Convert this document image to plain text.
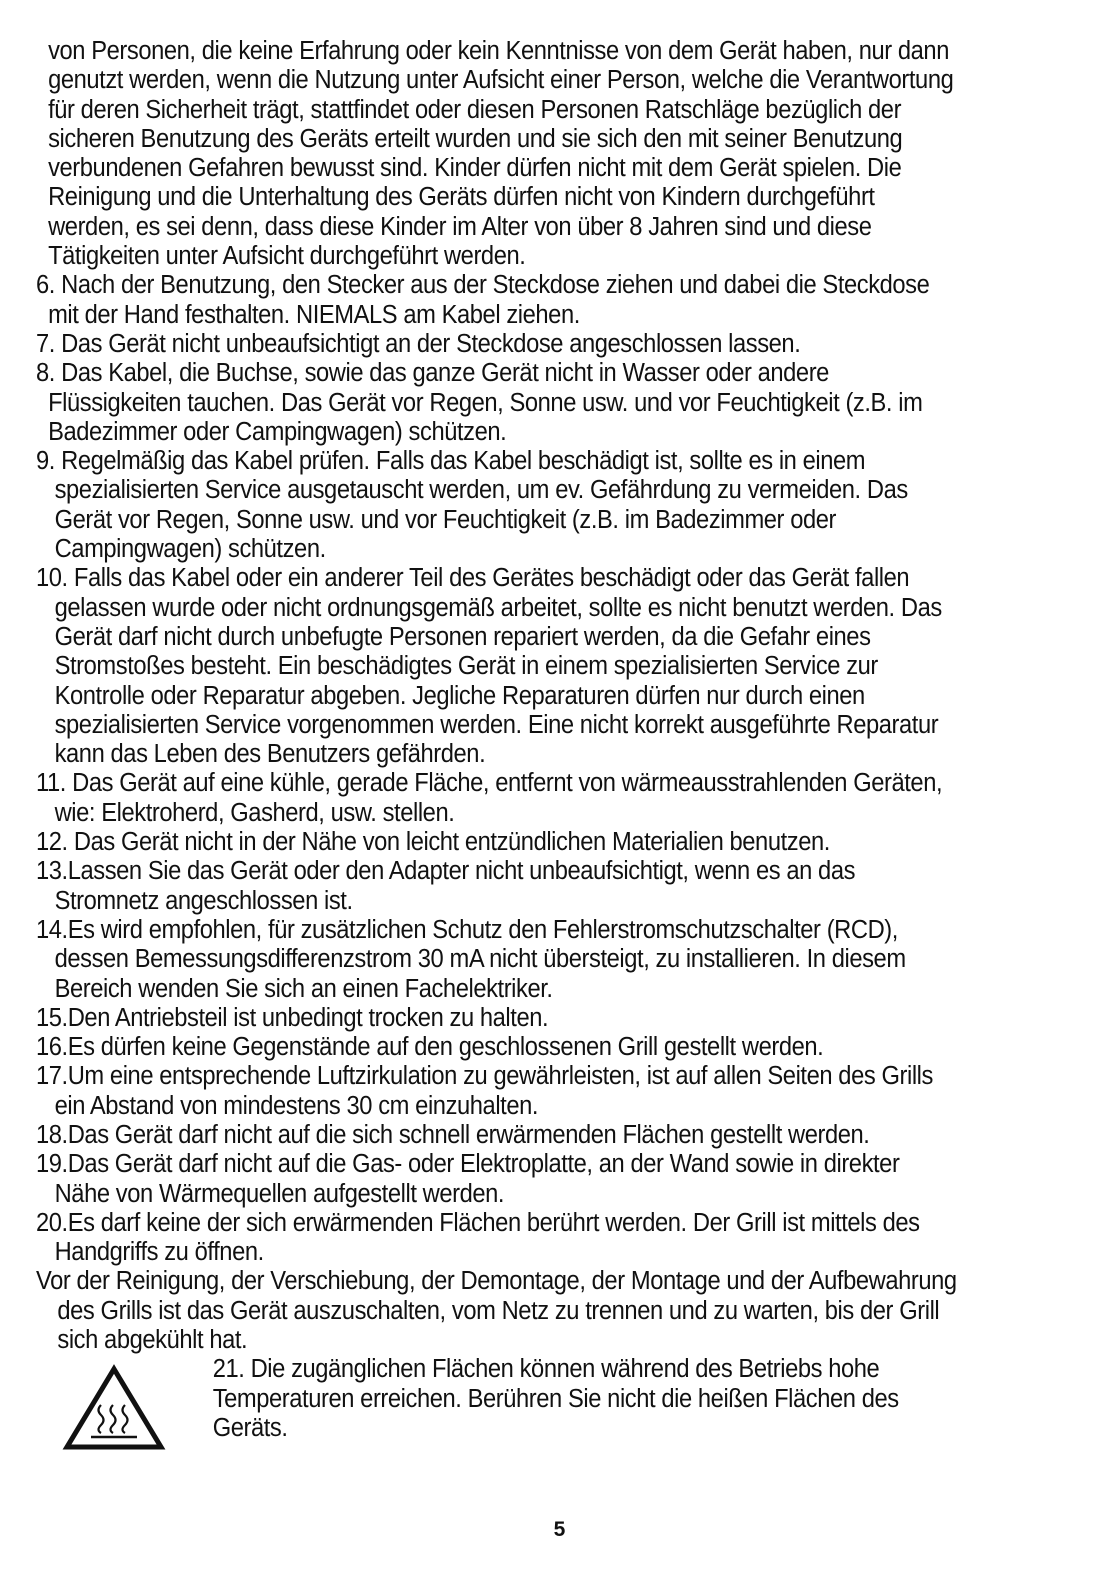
von Personen, die keine Erfahrung oder kein Kenntnisse von dem Gerät haben, nur dann
genutzt werden, wenn die Nutzung unter Aufsicht einer Person, welche die Verantwortung
für deren Sicherheit trägt, stattfindet oder diesen Personen Ratschläge bezüglich der
sicheren Benutzung des Geräts erteilt wurden und sie sich den mit seiner Benutzung
verbundenen Gefahren bewusst sind. Kinder dürfen nicht mit dem Gerät spielen. Die
Reinigung und die Unterhaltung des Geräts dürfen nicht von Kindern durchgeführt
werden, es sei denn, dass diese Kinder im Alter von über 8 Jahren sind und diese
Tätigkeiten unter Aufsicht durchgeführt werden.
6. Nach der Benutzung, den Stecker aus der Steckdose ziehen und dabei die Steckdose
mit der Hand festhalten. NIEMALS am Kabel ziehen.
7. Das Gerät nicht unbeaufsichtigt an der Steckdose angeschlossen lassen.
8. Das Kabel, die Buchse, sowie das ganze Gerät nicht in Wasser oder andere
Flüssigkeiten tauchen. Das Gerät vor Regen, Sonne usw. und vor Feuchtigkeit (z.B. im
Badezimmer oder Campingwagen) schützen.
9. Regelmäßig das Kabel prüfen. Falls das Kabel beschädigt ist, sollte es in einem
spezialisierten Service ausgetauscht werden, um ev. Gefährdung zu vermeiden. Das
Gerät vor Regen, Sonne usw. und vor Feuchtigkeit (z.B. im Badezimmer oder
Campingwagen) schützen.
10. Falls das Kabel oder ein anderer Teil des Gerätes beschädigt oder das Gerät fallen
gelassen wurde oder nicht ordnungsgemäß arbeitet, sollte es nicht benutzt werden. Das
Gerät darf nicht durch unbefugte Personen repariert werden, da die Gefahr eines
Stromstoßes besteht. Ein beschädigtes Gerät in einem spezialisierten Service zur
Kontrolle oder Reparatur abgeben. Jegliche Reparaturen dürfen nur durch einen
spezialisierten Service vorgenommen werden. Eine nicht korrekt ausgeführte Reparatur
kann das Leben des Benutzers gefährden.
11. Das Gerät auf eine kühle, gerade Fläche, entfernt von wärmeausstrahlenden Geräten,
wie: Elektroherd, Gasherd, usw. stellen.
12. Das Gerät nicht in der Nähe von leicht entzündlichen Materialien benutzen.
13.Lassen Sie das Gerät oder den Adapter nicht unbeaufsichtigt, wenn es an das
Stromnetz angeschlossen ist.
14.Es wird empfohlen, für zusätzlichen Schutz den Fehlerstromschutzschalter (RCD),
dessen Bemessungsdifferenzstrom 30 mA nicht übersteigt, zu installieren. In diesem
Bereich wenden Sie sich an einen Fachelektriker.
15.Den Antriebsteil ist unbedingt trocken zu halten.
16.Es dürfen keine Gegenstände auf den geschlossenen Grill gestellt werden.
17.Um eine entsprechende Luftzirkulation zu gewährleisten, ist auf allen Seiten des Grills
ein Abstand von mindestens 30 cm einzuhalten.
18.Das Gerät darf nicht auf die sich schnell erwärmenden Flächen gestellt werden.
19.Das Gerät darf nicht auf die Gas- oder Elektroplatte, an der Wand sowie in direkter
Nähe von Wärmequellen aufgestellt werden.
20.Es darf keine der sich erwärmenden Flächen berührt werden. Der Grill ist mittels des
Handgriffs zu öffnen.
Vor der Reinigung, der Verschiebung, der Demontage, der Montage und der Aufbewahrung
des Grills ist das Gerät auszuschalten, vom Netz zu trennen und zu warten, bis der Grill
sich abgekühlt hat.
21. Die zugänglichen Flächen können während des Betriebs hohe
Temperaturen erreichen. Berühren Sie nicht die heißen Flächen des
Geräts.
5
